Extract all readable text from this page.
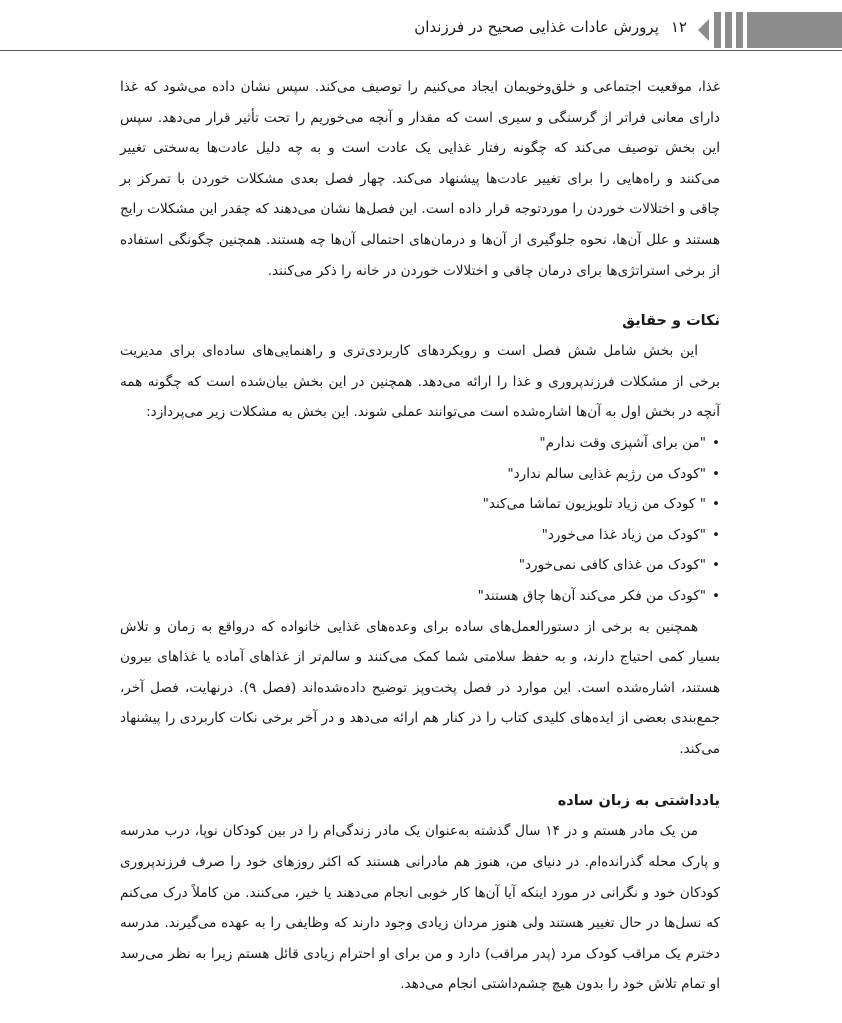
۱۲
پرورش عادات غذایی صحیح در فرزندان

غذا، موقعیت اجتماعی و خلق‌وخویمان ایجاد می‌کنیم را توصیف می‌کند. سپس نشان داده می‌شود که غذا دارای معانی فراتر از گرسنگی و سیری است که مقدار و آنچه می‌خوریم را تحت تأثیر قرار می‌دهد. سپس این بخش توصیف می‌کند که چگونه رفتار غذایی یک عادت است و به چه دلیل عادت‌ها به‌سختی تغییر می‌کنند و راه‌هایی را برای تغییر عادت‌ها پیشنهاد می‌کند. چهار فصل بعدی مشکلات خوردن با تمرکز بر چاقی و اختلالات خوردن را موردتوجه قرار داده است. این فصل‌ها نشان می‌دهند که چقدر این مشکلات رایج هستند و علل آن‌ها، نحوه جلوگیری از آن‌ها و درمان‌های احتمالی آن‌ها چه هستند. همچنین چگونگی استفاده از برخی استراتژی‌ها برای درمان چاقی و اختلالات خوردن در خانه را ذکر می‌کنند.

نکات و حقایق

این بخش شامل شش فصل است و رویکردهای کاربردی‌تری و راهنمایی‌های ساده‌ای برای مدیریت برخی از مشکلات فرزندپروری و غذا را ارائه می‌دهد. همچنین در این بخش بیان‌شده است که چگونه همه آنچه در بخش اول به آن‌ها اشاره‌شده است می‌توانند عملی شوند. این بخش به مشکلات زیر می‌پردازد:

•"من برای آشپزی وقت ندارم"
•"کودک من رژیم غذایی سالم ندارد"
•" کودک من زیاد تلویزیون تماشا می‌کند"
•"کودک من زیاد غذا می‌خورد"
•"کودک من غذای کافی نمی‌خورد"
•"کودک من فکر می‌کند آن‌ها چاق هستند"

همچنین به برخی از دستورالعمل‌های ساده برای وعده‌های غذایی خانواده که درواقع به زمان و تلاش بسیار کمی احتیاج دارند، و به حفظ سلامتی شما کمک می‌کنند و سالم‌تر از غذاهای آماده یا غذاهای بیرون هستند، اشاره‌شده است. این موارد در فصل پخت‌وپز توضیح داده‌شده‌اند (فصل ۹). درنهایت، فصل آخر، جمع‌بندی بعضی از ایده‌های کلیدی کتاب را در کنار هم ارائه می‌دهد و در آخر برخی نکات کاربردی را پیشنهاد می‌کند.

یادداشتی به زبان ساده

من یک مادر هستم و در ۱۴ سال گذشته به‌عنوان یک مادر زندگی‌ام را در بین کودکان نوپا، درب مدرسه و پارک محله گذرانده‌ام. در دنیای من، هنوز هم مادرانی هستند که اکثر روزهای خود را صرف فرزندپروری کودکان خود و نگرانی در مورد اینکه آیا آن‌ها کار خوبی انجام می‌دهند یا خیر، می‌کنند. من کاملاً درک می‌کنم که نسل‌ها در حال تغییر هستند ولی هنوز مردان زیادی وجود دارند که وظایفی را به عهده می‌گیرند. مدرسه دخترم یک مراقب کودک مرد (پدر مراقب) دارد و من برای او احترام زیادی قائل هستم زیرا به نظر می‌رسد او تمام تلاش خود را بدون هیچ چشم‌داشتی انجام می‌دهد.
